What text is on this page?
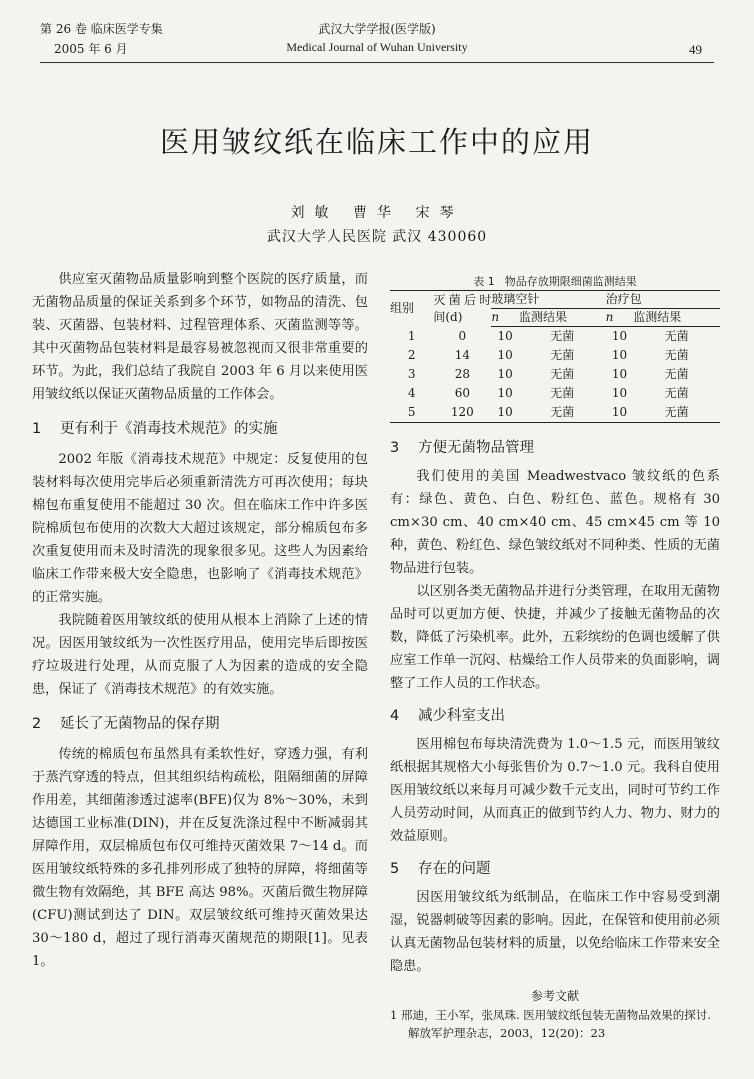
第 26 卷 临床医学专集
2005 年 6 月
武汉大学学报(医学版)
Medical Journal of Wuhan University	49
医用皱纹纸在临床工作中的应用
刘敏 曹华 宋琴
武汉大学人民医院 武汉 430060

供应室灭菌物品质量影响到整个医院的医疗质量，而无菌物品质量的保证关系到多个环节，如物品的清洗、包装、灭菌器、包装材料、过程管理体系、灭菌监测等等。其中灭菌物品包装材料是最容易被忽视而又很非常重要的环节。为此，我们总结了我院自 2003 年 6 月以来使用医用皱纹纸以保证灭菌物品质量的工作体会。

1 更有利于《消毒技术规范》的实施

2002 年版《消毒技术规范》中规定：反复使用的包装材料每次使用完毕后必须重新清洗方可再次使用；每块棉包布重复使用不能超过 30 次。但在临床工作中许多医院棉质包布使用的次数大大超过该规定，部分棉质包布多次重复使用而未及时清洗的现象很多见。这些人为因素给临床工作带来极大安全隐患，也影响了《消毒技术规范》的正常实施。

我院随着医用皱纹纸的使用从根本上消除了上述的情况。因医用皱纹纸为一次性医疗用品，使用完毕后即按医疗垃圾进行处理，从而克服了人为因素的造成的安全隐患，保证了《消毒技术规范》的有效实施。

2 延长了无菌物品的保存期

传统的棉质包布虽然具有柔软性好，穿透力强，有利于蒸汽穿透的特点，但其组织结构疏松，阻隔细菌的屏障作用差，其细菌渗透过滤率(BFE)仅为 8%～30%，未到达德国工业标准(DIN)，并在反复洗涤过程中不断减弱其屏障作用，双层棉质包布仅可维持灭菌效果 7～14 d。而医用皱纹纸特殊的多孔排列形成了独特的屏障，将细菌等微生物有效隔绝，其 BFE 高达 98%。灭菌后微生物屏障(CFU)测试到达了 DIN。双层皱纹纸可维持灭菌效果达 30～180 d，超过了现行消毒灭菌规范的期限[1]。见表 1。

表 1 物品存放期限细菌监测结果
组别	灭菌后时间(d)	玻璃空针		治疗包	
		n	监测结果	n	监测结果
1	0	10	无菌	10	无菌
2	14	10	无菌	10	无菌
3	28	10	无菌	10	无菌
4	60	10	无菌	10	无菌
5	120	10	无菌	10	无菌
3 方便无菌物品管理

我们使用的美国 Meadwestvaco 皱纹纸的色系有：绿色、黄色、白色、粉红色、蓝色。规格有 30 cm×30 cm、40 cm×40 cm、45 cm×45 cm 等 10 种，黄色、粉红色、绿色皱纹纸对不同种类、性质的无菌物品进行包装。

以区别各类无菌物品并进行分类管理，在取用无菌物品时可以更加方便、快捷，并减少了接触无菌物品的次数，降低了污染机率。此外，五彩缤纷的色调也缓解了供应室工作单一沉闷、枯燥给工作人员带来的负面影响，调整了工作人员的工作状态。

4 减少科室支出

医用棉包布每块清洗费为 1.0～1.5 元，而医用皱纹纸根据其规格大小每张售价为 0.7～1.0 元。我科自使用医用皱纹纸以来每月可减少数千元支出，同时可节约工作人员劳动时间，从而真正的做到节约人力、物力、财力的效益原则。

5 存在的问题

因医用皱纹纸为纸制品，在临床工作中容易受到潮湿，锐器刺破等因素的影响。因此，在保管和使用前必须认真无菌物品包装材料的质量，以免给临床工作带来安全隐患。

参考文献
1 邢迪，王小军，张凤珠. 医用皱纹纸包装无菌物品效果的探讨. 解放军护理杂志，2003，12(20)：23
